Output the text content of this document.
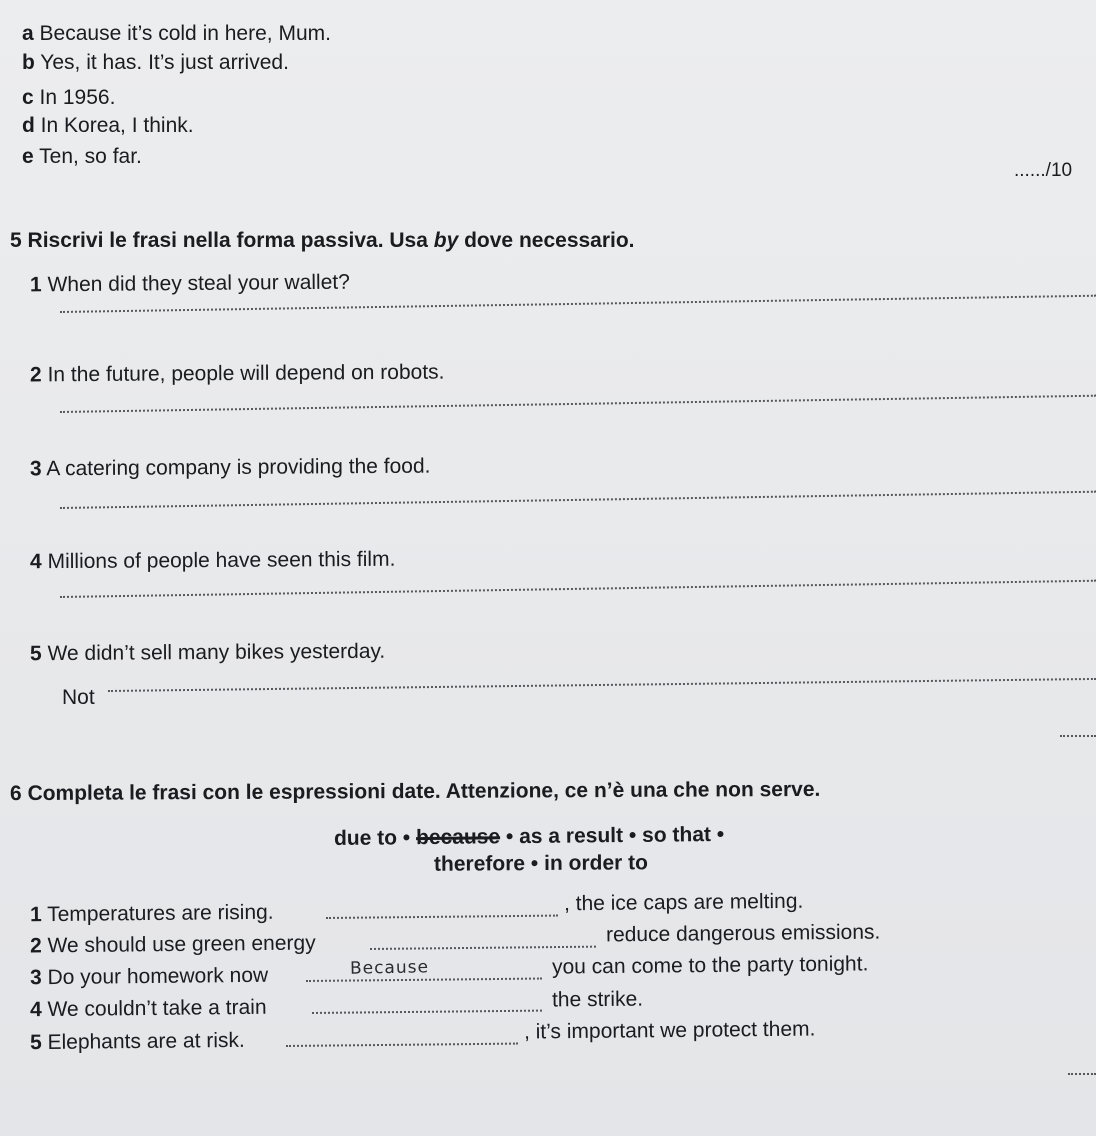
a Because it’s cold in here, Mum.
b Yes, it has. It’s just arrived.
c In 1956.
d In Korea, I think.
e Ten, so far.
....../10
5 Riscrivi le frasi nella forma passiva. Usa by dove necessario.
1 When did they steal your wallet?
2 In the future, people will depend on robots.
3 A catering company is providing the food.
4 Millions of people have seen this film.
5 We didn’t sell many bikes yesterday.
Not
6 Completa le frasi con le espressioni date. Attenzione, ce n’è una che non serve.
due to • because • as a result • so that •
therefore • in order to
1 Temperatures are rising.	, the ice caps are melting.
2 We should use green energy	reduce dangerous emissions.
3 Do your homework now	Because	you can come to the party tonight.
4 We couldn’t take a train	the strike.
5 Elephants are at risk.	, it’s important we protect them.
